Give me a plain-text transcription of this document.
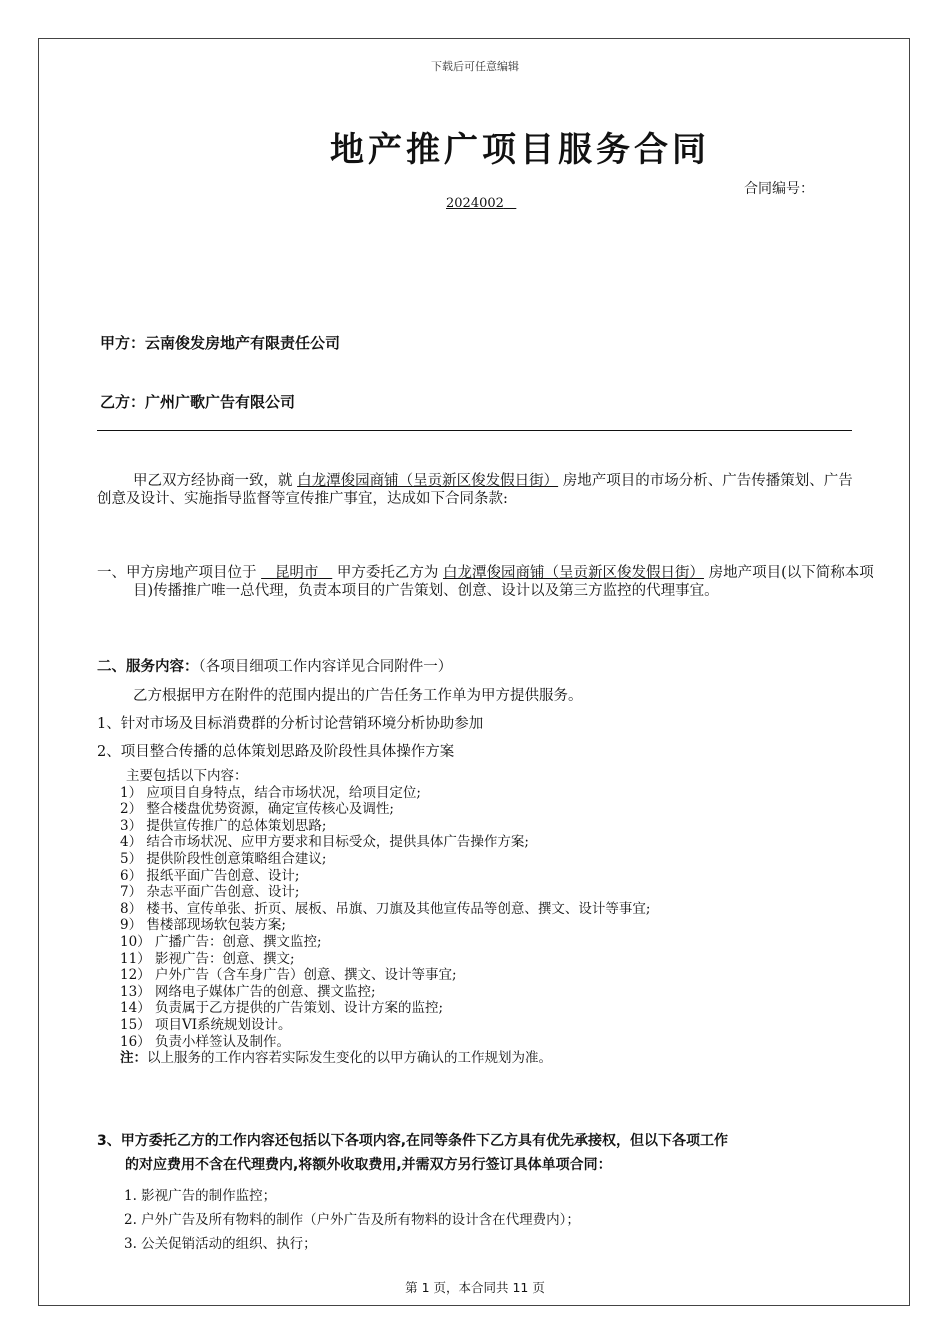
下载后可任意编辑
地产推广项目服务合同
合同编号：
2024002
甲方：云南俊发房地产有限责任公司
乙方：广州广歌广告有限公司
甲乙双方经协商一致，就 白龙潭俊园商铺（呈贡新区俊发假日街） 房地产项目的市场分析、广告传播策划、广告创意及设计、实施指导监督等宣传推广事宜，达成如下合同条款:
一、甲方房地产项目位于 昆明市 甲方委托乙方为 白龙潭俊园商铺（呈贡新区俊发假日街） 房地产项目(以下简称本项目)传播推广唯一总代理，负责本项目的广告策划、创意、设计以及第三方监控的代理事宜。
二、服务内容：（各项目细项工作内容详见合同附件一）
乙方根据甲方在附件的范围内提出的广告任务工作单为甲方提供服务。
1、针对市场及目标消费群的分析讨论营销环境分析协助参加
2、项目整合传播的总体策划思路及阶段性具体操作方案
主要包括以下内容：
1） 应项目自身特点，结合市场状况，给项目定位;
2） 整合楼盘优势资源，确定宣传核心及调性;
3） 提供宣传推广的总体策划思路;
4） 结合市场状况、应甲方要求和目标受众，提供具体广告操作方案;
5） 提供阶段性创意策略组合建议;
6） 报纸平面广告创意、设计;
7） 杂志平面广告创意、设计;
8） 楼书、宣传单张、折页、展板、吊旗、刀旗及其他宣传品等创意、撰文、设计等事宜;
9） 售楼部现场软包装方案;
10） 广播广告：创意、撰文监控;
11） 影视广告：创意、撰文;
12） 户外广告（含车身广告）创意、撰文、设计等事宜;
13） 网络电子媒体广告的创意、撰文监控;
14） 负责属于乙方提供的广告策划、设计方案的监控;
15） 项目VI系统规划设计。
16） 负责小样签认及制作。
注：以上服务的工作内容若实际发生变化的以甲方确认的工作规划为准。
3、甲方委托乙方的工作内容还包括以下各项内容,在同等条件下乙方具有优先承接权，但以下各项工作
的对应费用不含在代理费内,将额外收取费用,并需双方另行签订具体单项合同：
1. 影视广告的制作监控；
2. 户外广告及所有物料的制作（户外广告及所有物料的设计含在代理费内）；
3. 公关促销活动的组织、执行；
第 1 页，本合同共 11 页
